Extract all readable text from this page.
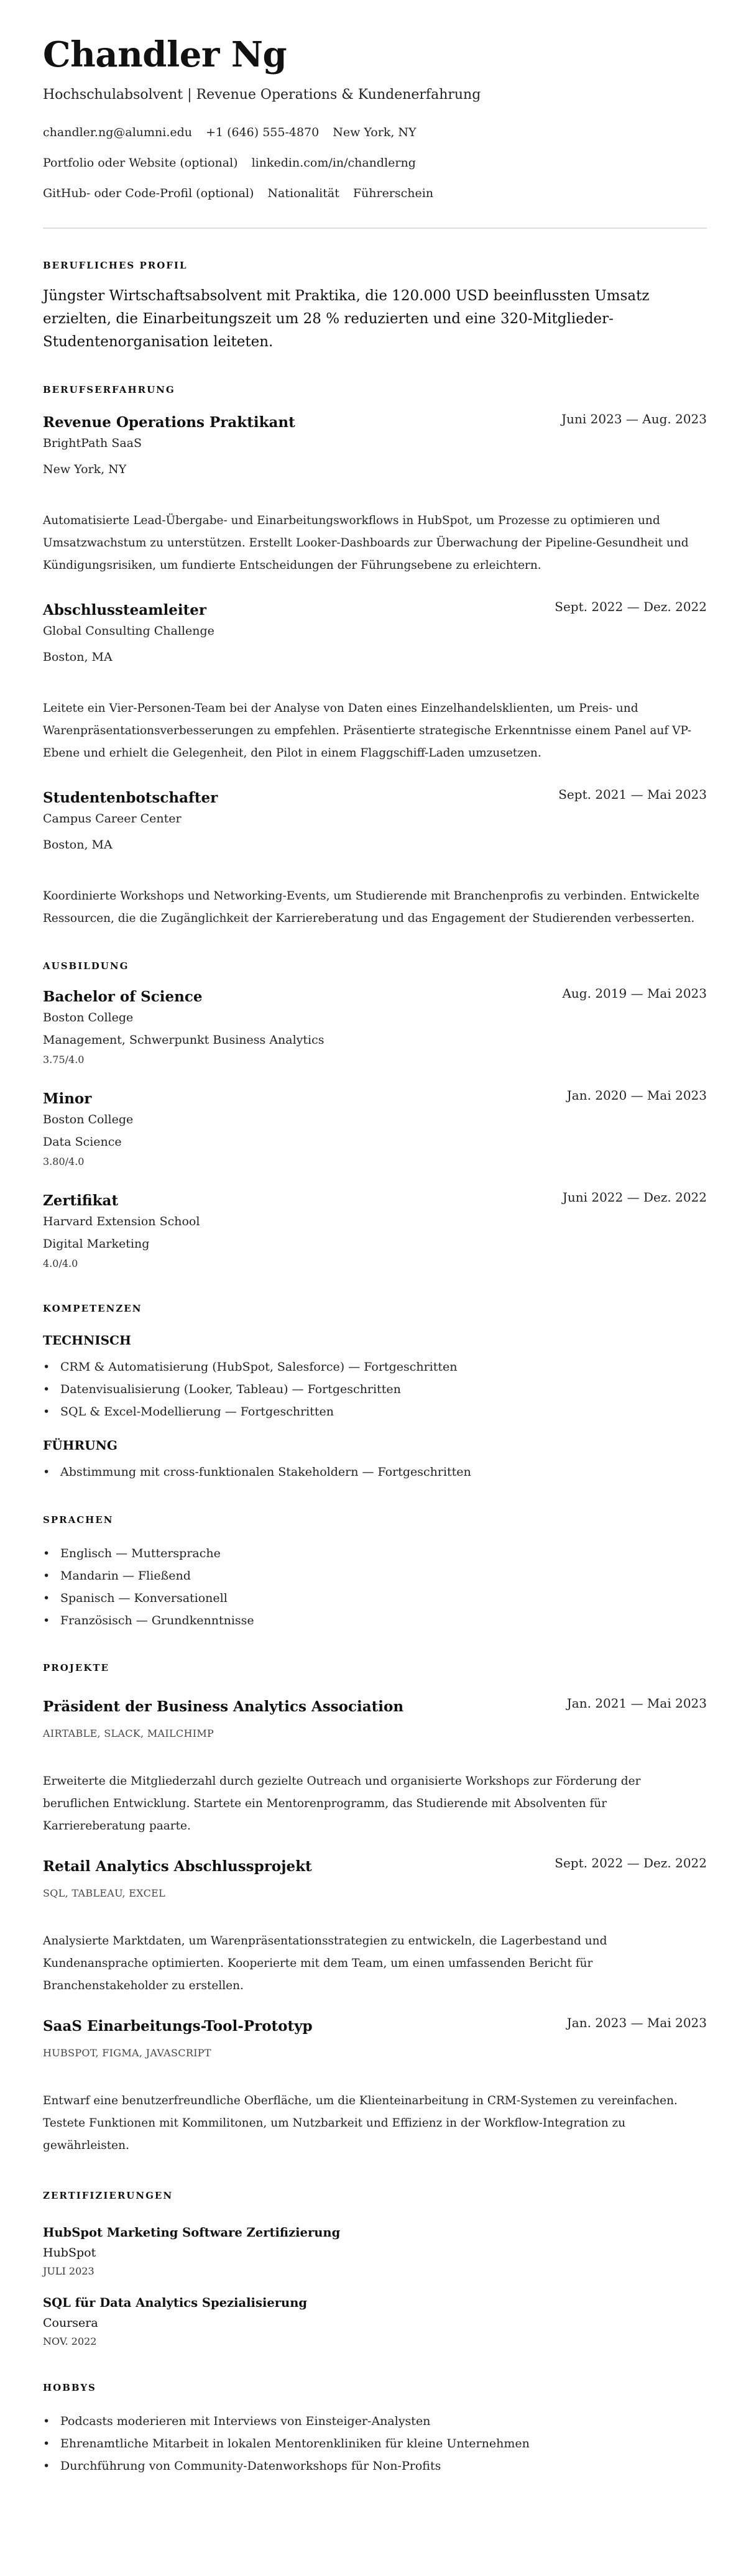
Chandler Ng
Hochschulabsolvent | Revenue Operations & Kundenerfahrung
chandler.ng@alumni.edu +1 (646) 555-4870 New York, NY
Portfolio oder Website (optional) linkedin.com/in/chandlerng
GitHub- oder Code-Profil (optional) Nationalität Führerschein
BERUFLICHES PROFIL
Jüngster Wirtschaftsabsolvent mit Praktika, die 120.000 USD beeinflussten Umsatz erzielten, die Einarbeitungszeit um 28 % reduzierten und eine 320-Mitglieder-Studentenorganisation leiteten.
BERUFSERFAHRUNG
Revenue Operations Praktikant	Juni 2023 — Aug. 2023
BrightPath SaaS
New York, NY
Automatisierte Lead-Übergabe- und Einarbeitungsworkflows in HubSpot, um Prozesse zu optimieren und Umsatzwachstum zu unterstützen. Erstellt Looker-Dashboards zur Überwachung der Pipeline-Gesundheit und Kündigungsrisiken, um fundierte Entscheidungen der Führungsebene zu erleichtern.
Abschlussteamleiter	Sept. 2022 — Dez. 2022
Global Consulting Challenge
Boston, MA
Leitete ein Vier-Personen-Team bei der Analyse von Daten eines Einzelhandelsklienten, um Preis- und Warenpräsentationsverbesserungen zu empfehlen. Präsentierte strategische Erkenntnisse einem Panel auf VP-Ebene und erhielt die Gelegenheit, den Pilot in einem Flaggschiff-Laden umzusetzen.
Studentenbotschafter	Sept. 2021 — Mai 2023
Campus Career Center
Boston, MA
Koordinierte Workshops und Networking-Events, um Studierende mit Branchenprofis zu verbinden. Entwickelte Ressourcen, die die Zugänglichkeit der Karriereberatung und das Engagement der Studierenden verbesserten.
AUSBILDUNG
Bachelor of Science	Aug. 2019 — Mai 2023
Boston College
Management, Schwerpunkt Business Analytics
3.75/4.0
Minor	Jan. 2020 — Mai 2023
Boston College
Data Science
3.80/4.0
Zertifikat	Juni 2022 — Dez. 2022
Harvard Extension School
Digital Marketing
4.0/4.0
KOMPETENZEN
TECHNISCH
• CRM & Automatisierung (HubSpot, Salesforce) — Fortgeschritten
• Datenvisualisierung (Looker, Tableau) — Fortgeschritten
• SQL & Excel-Modellierung — Fortgeschritten
FÜHRUNG
• Abstimmung mit cross-funktionalen Stakeholdern — Fortgeschritten
SPRACHEN
• Englisch — Muttersprache
• Mandarin — Fließend
• Spanisch — Konversationell
• Französisch — Grundkenntnisse
PROJEKTE
Präsident der Business Analytics Association	Jan. 2021 — Mai 2023
AIRTABLE, SLACK, MAILCHIMP
Erweiterte die Mitgliederzahl durch gezielte Outreach und organisierte Workshops zur Förderung der beruflichen Entwicklung. Startete ein Mentorenprogramm, das Studierende mit Absolventen für Karriereberatung paarte.
Retail Analytics Abschlussprojekt	Sept. 2022 — Dez. 2022
SQL, TABLEAU, EXCEL
Analysierte Marktdaten, um Warenpräsentationsstrategien zu entwickeln, die Lagerbestand und Kundenansprache optimierten. Kooperierte mit dem Team, um einen umfassenden Bericht für Branchenstakeholder zu erstellen.
SaaS Einarbeitungs-Tool-Prototyp	Jan. 2023 — Mai 2023
HUBSPOT, FIGMA, JAVASCRIPT
Entwarf eine benutzerfreundliche Oberfläche, um die Klienteinarbeitung in CRM-Systemen zu vereinfachen. Testete Funktionen mit Kommilitonen, um Nutzbarkeit und Effizienz in der Workflow-Integration zu gewährleisten.
ZERTIFIZIERUNGEN
HubSpot Marketing Software Zertifizierung
HubSpot
JULI 2023
SQL für Data Analytics Spezialisierung
Coursera
NOV. 2022
HOBBYS
• Podcasts moderieren mit Interviews von Einsteiger-Analysten
• Ehrenamtliche Mitarbeit in lokalen Mentorenkliniken für kleine Unternehmen
• Durchführung von Community-Datenworkshops für Non-Profits
